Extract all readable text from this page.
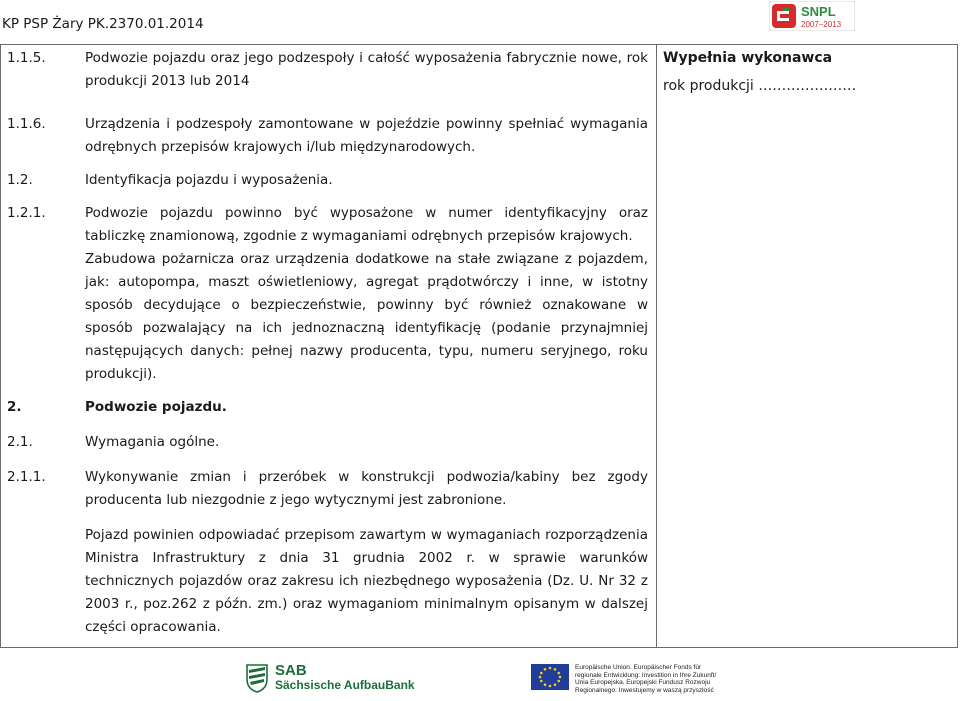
KP PSP Żary PK.2370.01.2014
SNPL
2007–2013
1.1.5.	Podwozie pojazdu oraz jego podzespoły i całość wyposażenia fabrycznie nowe, rok produkcji 2013 lub 2014
1.1.6.	Urządzenia i podzespoły zamontowane w pojeździe powinny spełniać wymagania odrębnych przepisów krajowych i/lub międzynarodowych.
1.2.	Identyfikacja pojazdu i wyposażenia.
1.2.1.	Podwozie pojazdu powinno być wyposażone w numer identyfikacyjny oraz tabliczkę znamionową, zgodnie z wymaganiami odrębnych przepisów krajowych.
Zabudowa pożarnicza oraz urządzenia dodatkowe na stałe związane z pojazdem, jak: autopompa, maszt oświetleniowy, agregat prądotwórczy i inne, w istotny sposób decydujące o bezpieczeństwie, powinny być również oznakowane w sposób pozwalający na ich jednoznaczną identyfikację (podanie przynajmniej następujących danych: pełnej nazwy producenta, typu, numeru seryjnego, roku produkcji).
2.	Podwozie pojazdu.
2.1.	Wymagania ogólne.
2.1.1.	Wykonywanie zmian i przeróbek w konstrukcji podwozia/kabiny bez zgody producenta lub niezgodnie z jego wytycznymi jest zabronione.
Pojazd powinien odpowiadać przepisom zawartym w wymaganiach rozporządzenia Ministra Infrastruktury z dnia 31 grudnia 2002 r. w sprawie warunków technicznych pojazdów oraz zakresu ich niezbędnego wyposażenia (Dz. U. Nr 32 z 2003 r., poz.262 z późn. zm.) oraz wymaganiom minimalnym opisanym w dalszej części opracowania.

Wypełnia wykonawca
rok produkcji …………………
SAB
Sächsische AufbauBank
Europäische Union. Europäischer Fonds für
regionale Entwicklung: Investition in Ihre Zukunft/
Unia Europejska. Europejski Fundusz Rozwoju
Regionalnego: Inwestujemy w waszą przyszłość
